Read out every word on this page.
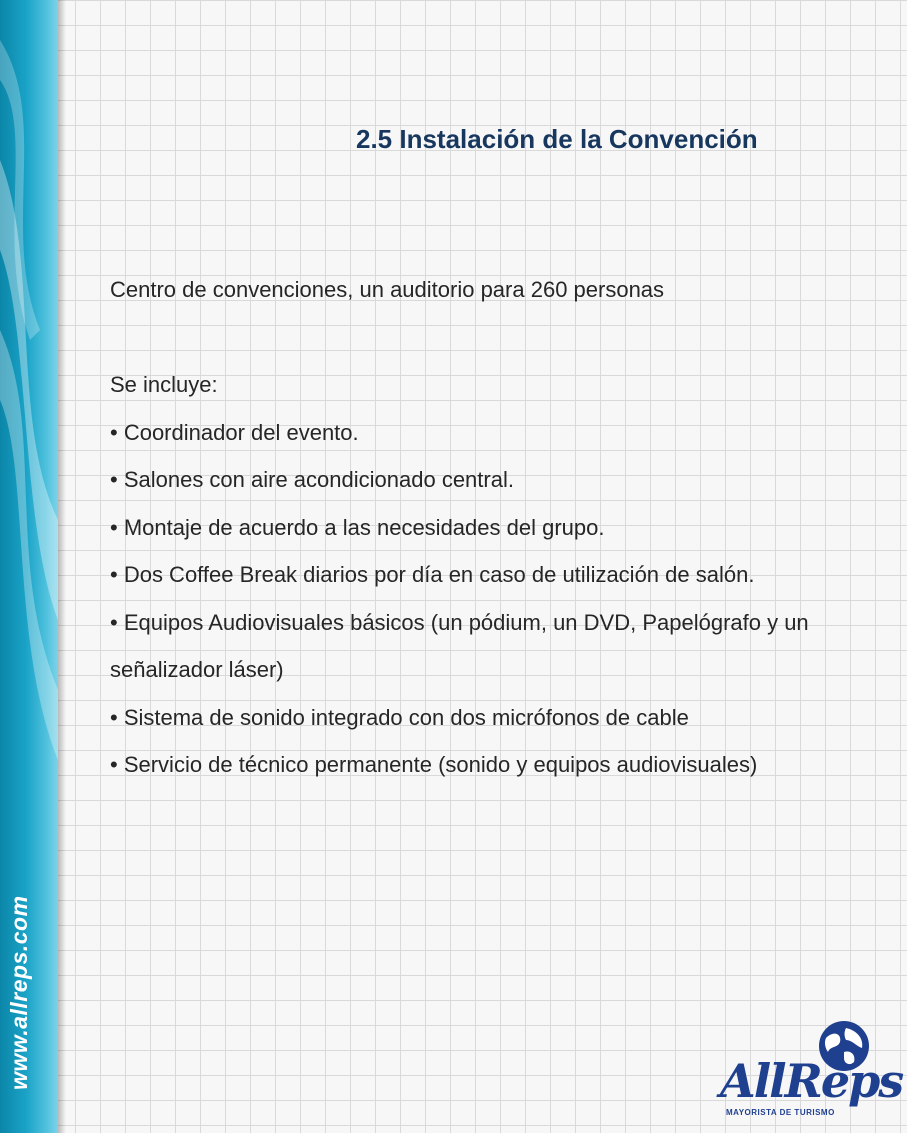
www.allreps.com
2.5 Instalación de la Convención

Centro de convenciones, un auditorio para 260 personas

Se incluye:

• Coordinador del evento.

• Salones con aire acondicionado central.

• Montaje de acuerdo a las necesidades del grupo.

• Dos Coffee Break diarios por día en caso de utilización de salón.

• Equipos Audiovisuales básicos (un pódium, un DVD, Papelógrafo y un señalizador láser)

• Sistema de sonido integrado con dos micrófonos de cable

• Servicio de técnico permanente (sonido y equipos audiovisuales)

AllReps
MAYORISTA DE TURISMO
